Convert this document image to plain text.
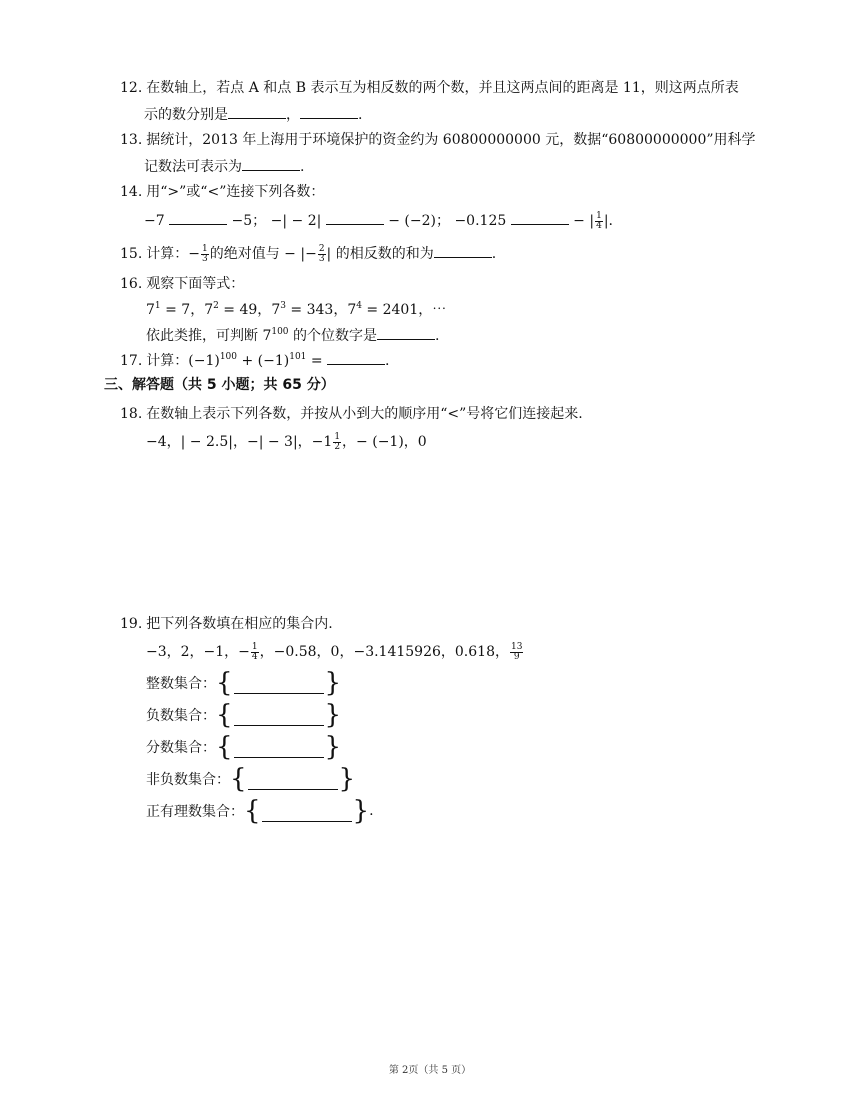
12. 在数轴上，若点 A 和点 B 表示互为相反数的两个数，并且这两点间的距离是 11，则这两点所表
示的数分别是	，	.
13. 据统计，2013 年上海用于环境保护的资金约为 60800000000 元，数据“60800000000”用科学
记数法可表示为	.
14. 用“>”或“<”连接下列各数：
−7	−5； −| − 2|	− (−2)； −0.125	− | $\frac{1}{4}$ |.
15. 计算：− $\frac{1}{3}$ 的绝对值与 − |− $\frac{2}{3}$ | 的相反数的和为	.
16. 观察下面等式：
$7^1 = 7$，$7^2 = 49$，$7^3 = 343$，$7^4 = 2401$，⋯
依此类推，可判断 $7^{100}$ 的个位数字是	.
17. 计算：$(-1)^{100} + (-1)^{101}$ =	.
三、解答题（共 5 小题；共 65 分）
18. 在数轴上表示下列各数，并按从小到大的顺序用“<”号将它们连接起来.
−4，| − 2.5|，−| − 3|，$-1 \frac{1}{2}$ ，− (−1)，0
19. 把下列各数填在相应的集合内.
−3，2，−1，− $\frac{1}{4}$ ，−0.58，0，−3.1415926，0.618， $\frac{13}{9}$
整数集合： {	}
负数集合： {	}
分数集合： {	}
非负数集合： {	}
正有理数集合： {	} .
第 2页（共 5 页）
